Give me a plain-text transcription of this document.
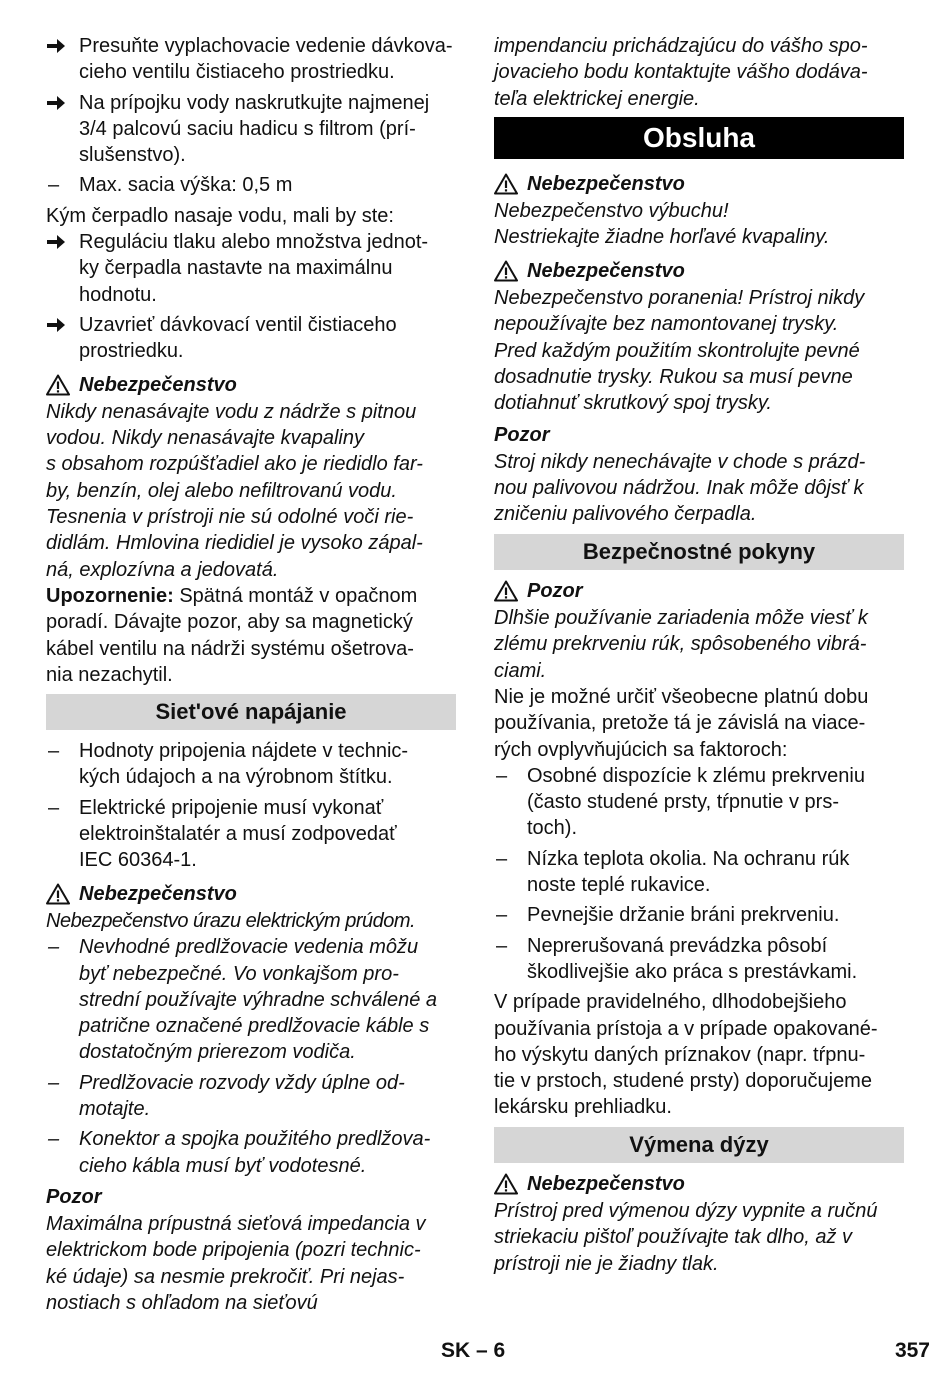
Presuňte vyplachovacie vedenie dávkova-
cieho ventilu čistiaceho prostriedku.
Na prípojku vody naskrutkujte najmenej
3/4 palcovú saciu hadicu s filtrom (prí-
slušenstvo).
– Max. sacia výška: 0,5 m

Kým čerpadlo nasaje vodu, mali by ste:

Reguláciu tlaku alebo množstva jednot-
ky čerpadla nastavte na maximálnu
hodnotu.
Uzavrieť dávkovací ventil čistiaceho
prostriedku.
Nebezpečenstvo
Nikdy nenasávajte vodu z nádrže s pitnou
vodou. Nikdy nenasávajte kvapaliny
s obsahom rozpúšťadiel ako je riedidlo far-
by, benzín, olej alebo nefiltrovanú vodu.
Tesnenia v prístroji nie sú odolné voči rie-
didlám. Hmlovina riedidiel je vysoko zápal-
ná, explozívna a jedovatá.
Upozornenie: Spätná montáž v opačnom
poradí. Dávajte pozor, aby sa magnetický
kábel ventilu na nádrži systému ošetrova-
nia nezachytil.
Siet'ové napájanie
– Hodnoty pripojenia nájdete v technic-
kých údajoch a na výrobnom štítku.
– Elektrické pripojenie musí vykonať
elektroinštalatér a musí zodpovedať
IEC 60364-1.
Nebezpečenstvo

Nebezpečenstvo úrazu elektrickým prúdom.

– Nevhodné predlžovacie vedenia môžu
byť nebezpečné. Vo vonkajšom pro-
strední používajte výhradne schválené a
patrične označené predlžovacie káble s
dostatočným prierezom vodiča.
– Predlžovacie rozvody vždy úplne od-
motajte.
– Konektor a spojka použitého predlžova-
cieho kábla musí byť vodotesné.
Pozor
Maximálna prípustná sieťová impedancia v
elektrickom bode pripojenia (pozri technic-
ké údaje) sa nesmie prekročiť. Pri nejas-
nostiach s ohľadom na sieťovú
impendanciu prichádzajúcu do vášho spo-
jovacieho bodu kontaktujte vášho dodáva-
teľa elektrickej energie.
Obsluha
Nebezpečenstvo
Nebezpečenstvo výbuchu!
Nestriekajte žiadne horľavé kvapaliny.
Nebezpečenstvo
Nebezpečenstvo poranenia! Prístroj nikdy
nepoužívajte bez namontovanej trysky.
Pred každým použitím skontrolujte pevné
dosadnutie trysky. Rukou sa musí pevne
dotiahnuť skrutkový spoj trysky.
Pozor
Stroj nikdy nenechávajte v chode s prázd-
nou palivovou nádržou. Inak môže dôjsť k
zničeniu palivového čerpadla.
Bezpečnostné pokyny
Pozor
Dlhšie používanie zariadenia môže viesť k
zlému prekrveniu rúk, spôsobeného vibrá-
ciami.
Nie je možné určiť všeobecne platnú dobu
používania, pretože tá je závislá na viace-
rých ovplyvňujúcich sa faktoroch:
– Osobné dispozície k zlému prekrveniu
(často studené prsty, tŕpnutie v prs-
toch).
– Nízka teplota okolia. Na ochranu rúk
noste teplé rukavice.
– Pevnejšie držanie bráni prekrveniu.
– Neprerušovaná prevádzka pôsobí
škodlivejšie ako práca s prestávkami.
V prípade pravidelného, dlhodobejšieho
používania prístoja a v prípade opakované-
ho výskytu daných príznakov (napr. tŕpnu-
tie v prstoch, studené prsty) doporučujeme
lekársku prehliadku.
Výmena dýzy
Nebezpečenstvo
Prístroj pred výmenou dýzy vypnite a ručnú
striekaciu pištoľ používajte tak dlho, až v
prístroji nie je žiadny tlak.
SK – 6	357
